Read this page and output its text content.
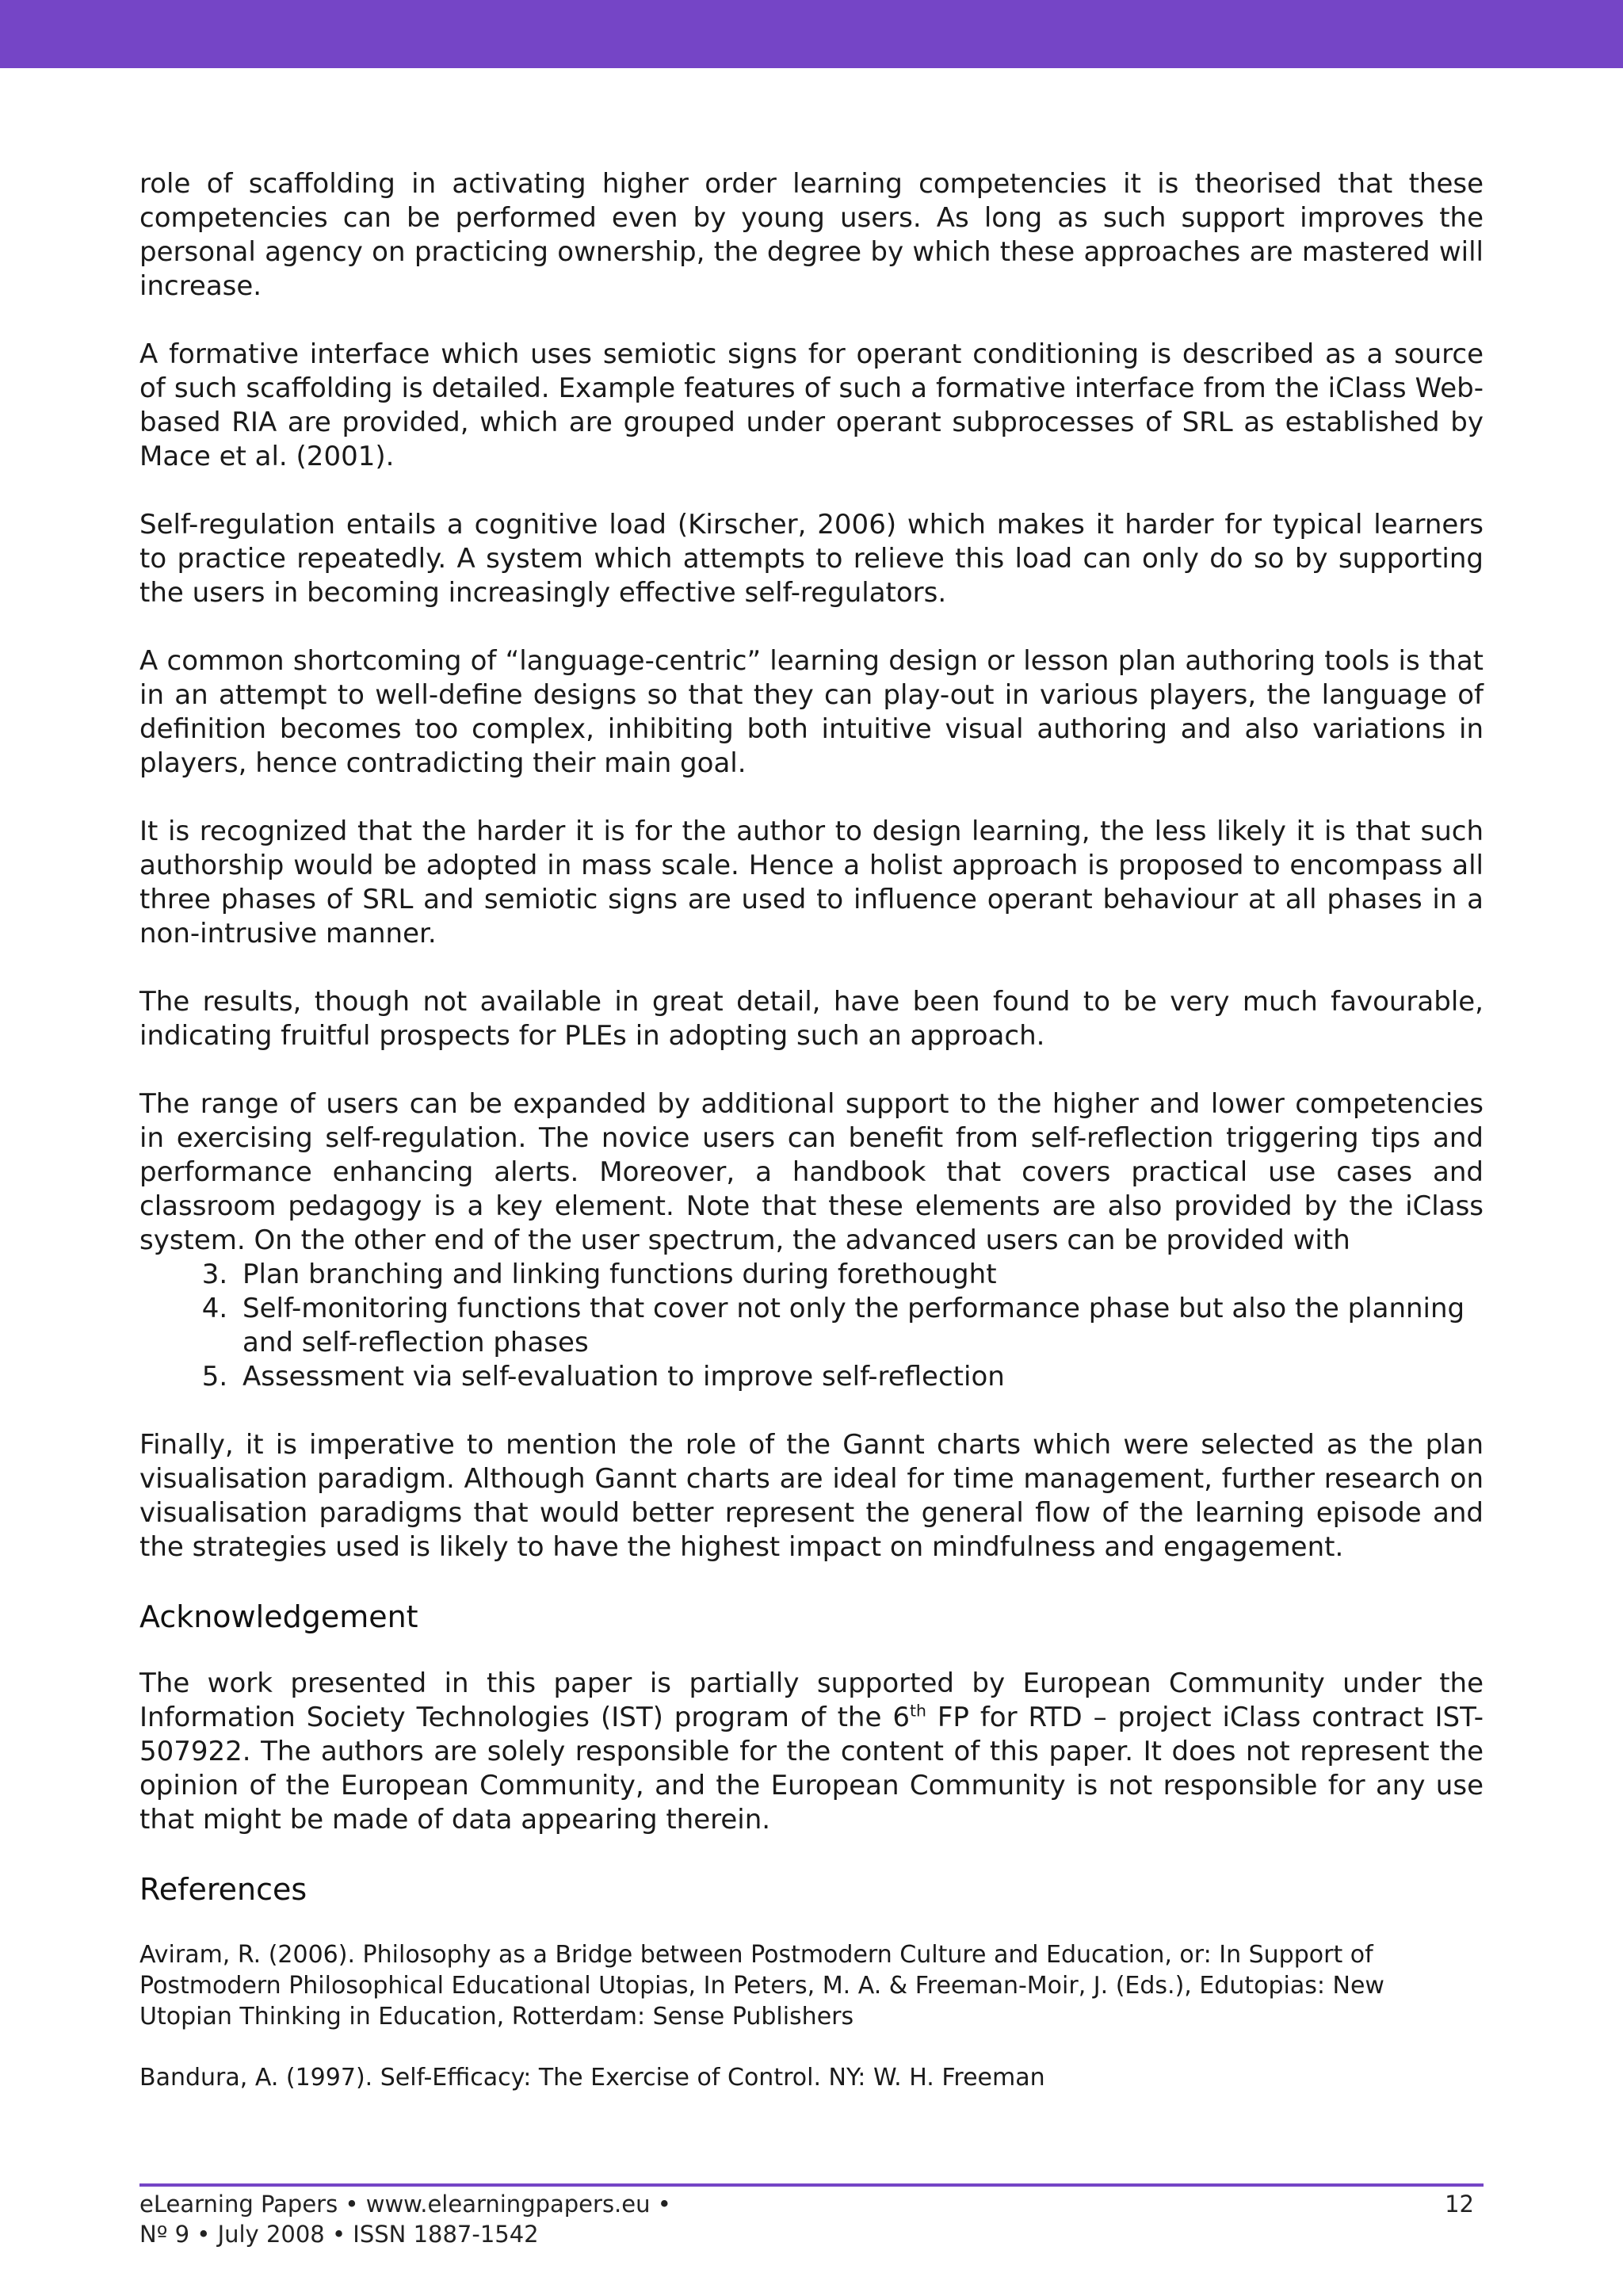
role of scaffolding in activating higher order learning competencies it is theorised that these competencies can be performed even by young users. As long as such support improves the personal agency on practicing ownership, the degree by which these approaches are mastered will increase.

A formative interface which uses semiotic signs for operant conditioning is described as a source of such scaffolding is detailed. Example features of such a formative interface from the iClass Web-based RIA are provided, which are grouped under operant subprocesses of SRL as established by Mace et al. (2001).

Self-regulation entails a cognitive load (Kirscher, 2006) which makes it harder for typical learners to practice repeatedly. A system which attempts to relieve this load can only do so by supporting the users in becoming increasingly effective self-regulators.

A common shortcoming of “language-centric” learning design or lesson plan authoring tools is that in an attempt to well-define designs so that they can play-out in various players, the language of definition becomes too complex, inhibiting both intuitive visual authoring and also variations in players, hence contradicting their main goal.

It is recognized that the harder it is for the author to design learning, the less likely it is that such authorship would be adopted in mass scale. Hence a holist approach is proposed to encompass all three phases of SRL and semiotic signs are used to influence operant behaviour at all phases in a non-intrusive manner.

The results, though not available in great detail, have been found to be very much favourable, indicating fruitful prospects for PLEs in adopting such an approach.

The range of users can be expanded by additional support to the higher and lower competencies in exercising self-regulation. The novice users can benefit from self-reflection triggering tips and performance enhancing alerts. Moreover, a handbook that covers practical use cases and classroom pedagogy is a key element. Note that these elements are also provided by the iClass system. On the other end of the user spectrum, the advanced users can be provided with

3. Plan branching and linking functions during forethought
4. Self-monitoring functions that cover not only the performance phase but also the planning and self-reflection phases
5. Assessment via self-evaluation to improve self-reflection

Finally, it is imperative to mention the role of the Gannt charts which were selected as the plan visualisation paradigm. Although Gannt charts are ideal for time management, further research on visualisation paradigms that would better represent the general flow of the learning episode and the strategies used is likely to have the highest impact on mindfulness and engagement.

Acknowledgement

The work presented in this paper is partially supported by European Community under the Information Society Technologies (IST) program of the 6th FP for RTD – project iClass contract IST-507922. The authors are solely responsible for the content of this paper. It does not represent the opinion of the European Community, and the European Community is not responsible for any use that might be made of data appearing therein.

References

Aviram, R. (2006). Philosophy as a Bridge between Postmodern Culture and Education, or: In Support of Postmodern Philosophical Educational Utopias, In Peters, M. A. & Freeman-Moir, J. (Eds.), Edutopias: New Utopian Thinking in Education, Rotterdam: Sense Publishers

Bandura, A. (1997). Self-Efficacy: The Exercise of Control. NY: W. H. Freeman

eLearning Papers • www.elearningpapers.eu •
Nº 9 • July 2008 • ISSN 1887-1542
12
